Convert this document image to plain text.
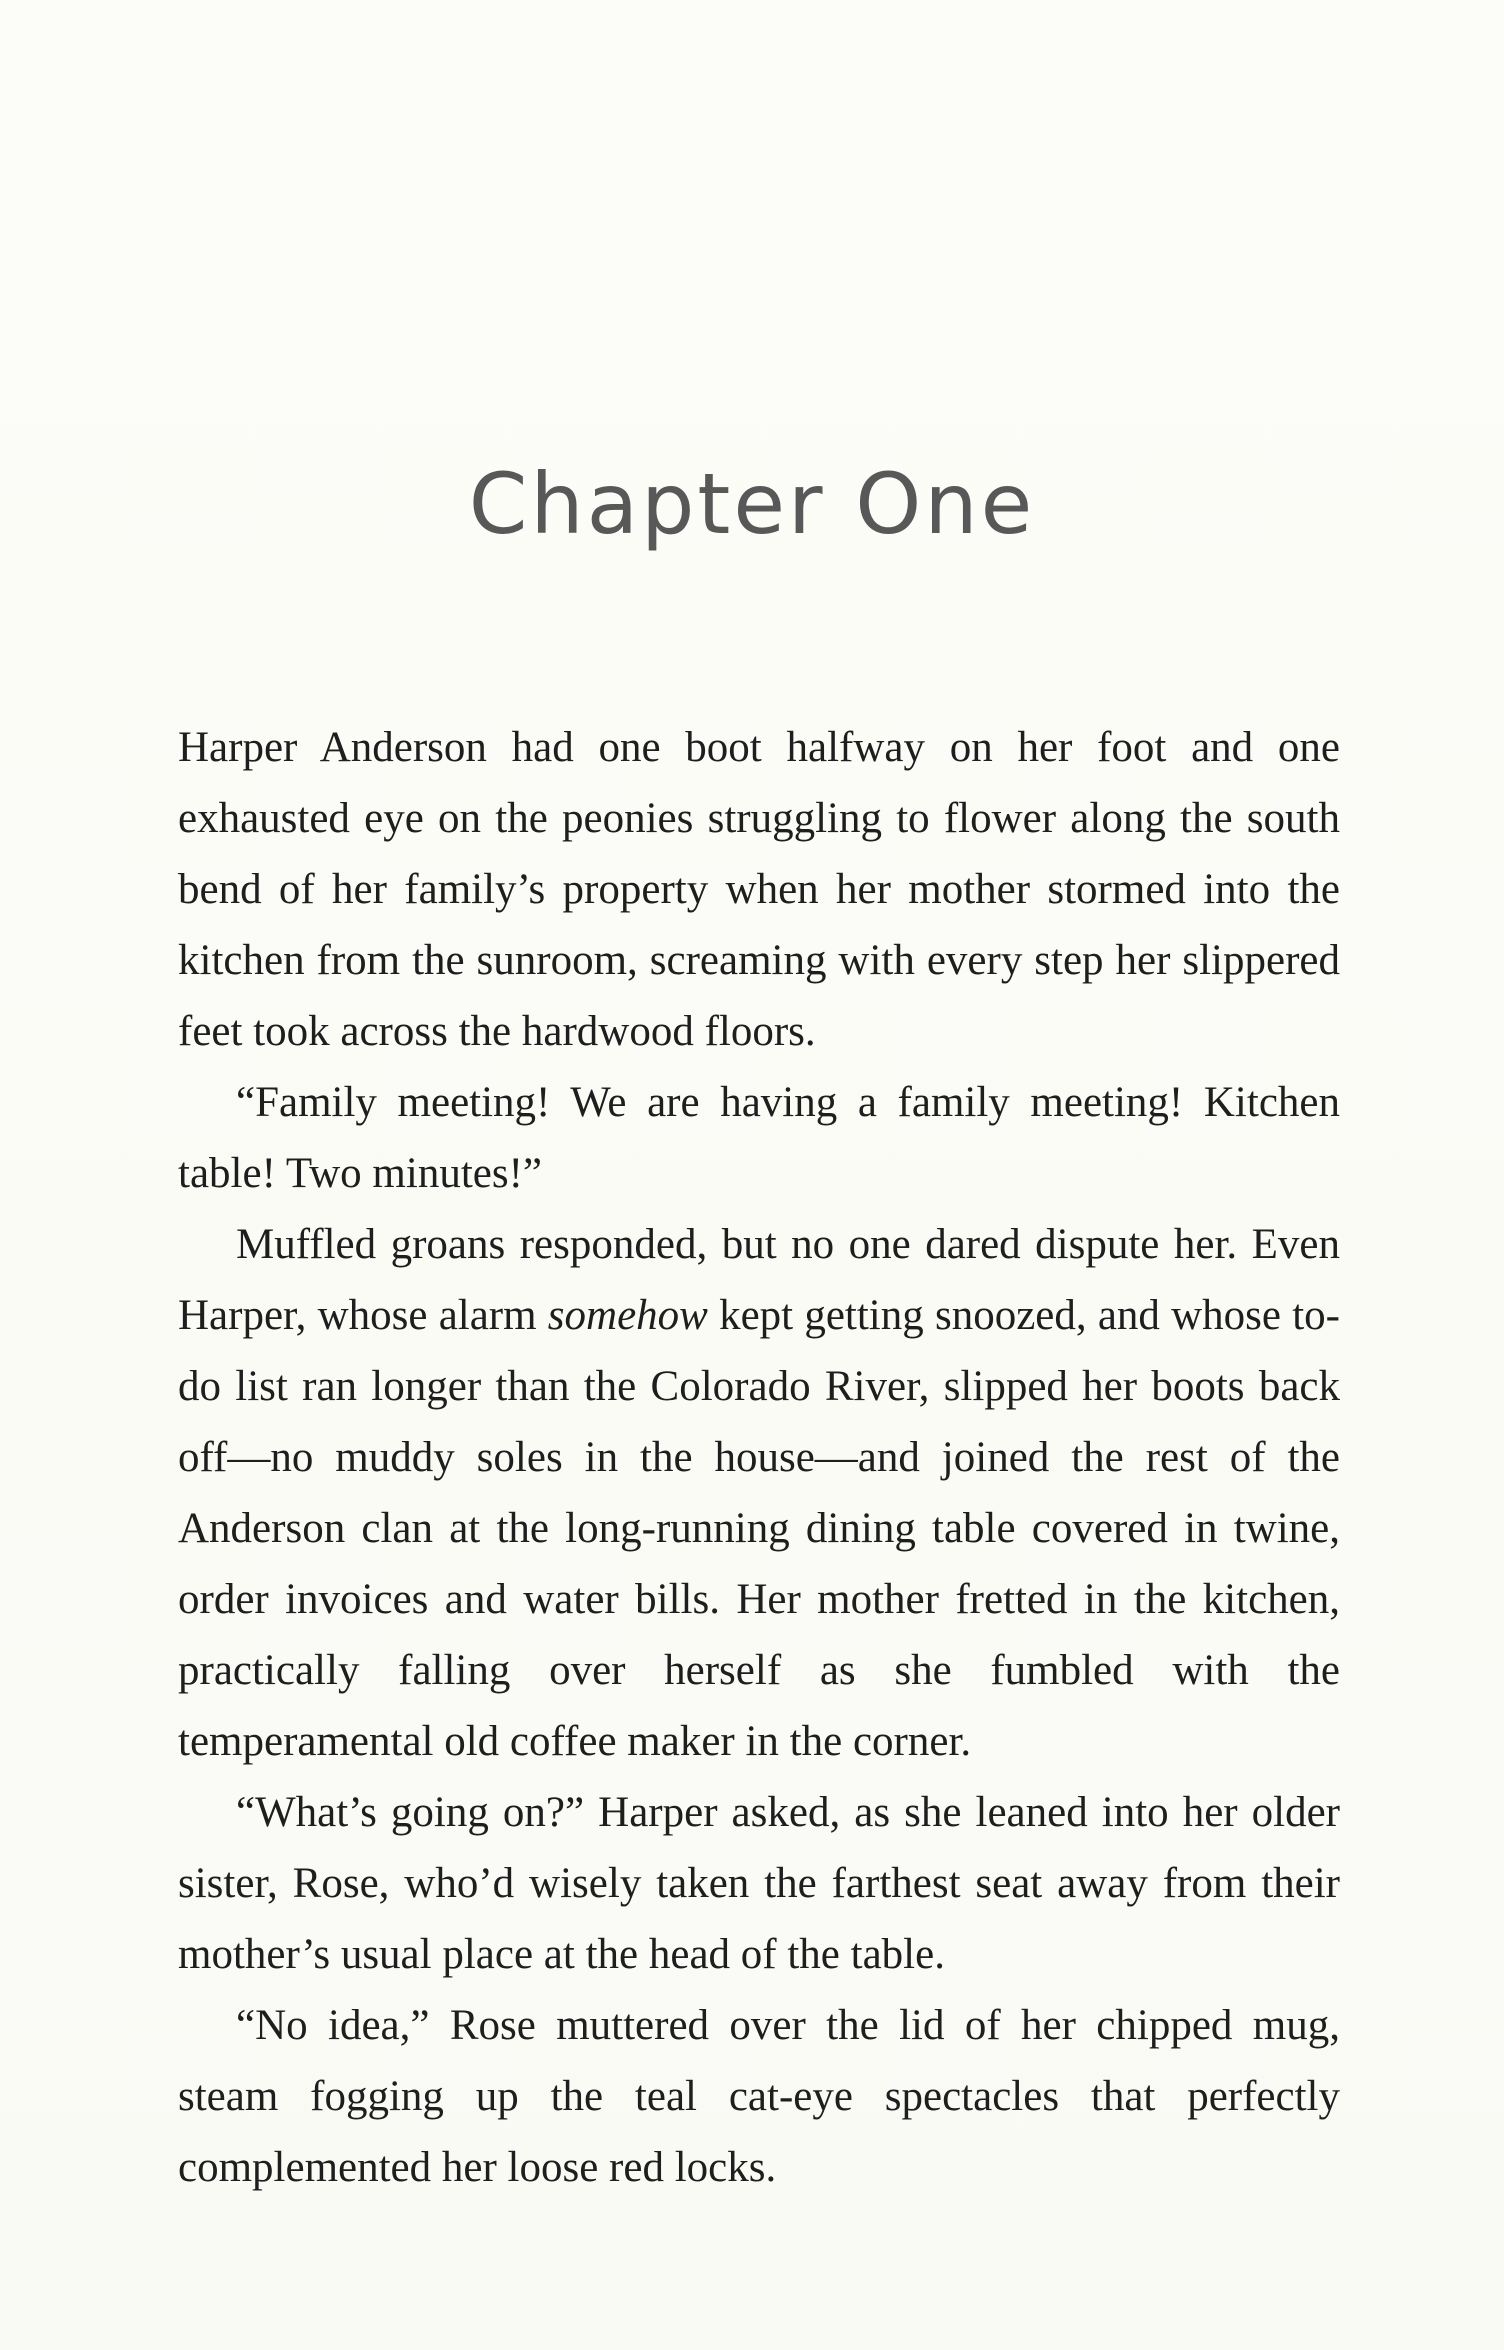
Chapter One

Harper Anderson had one boot halfway on her foot and one exhausted eye on the peonies struggling to flower along the south bend of her family’s property when her mother stormed into the kitchen from the sunroom, screaming with every step her slippered feet took across the hardwood floors.

“Family meeting! We are having a family meeting! Kitchen table! Two minutes!”

Muffled groans responded, but no one dared dispute her. Even Harper, whose alarm somehow kept getting snoozed, and whose to-do list ran longer than the Colorado River, slipped her boots back off—no muddy soles in the house—and joined the rest of the Anderson clan at the long-running dining table covered in twine, order invoices and water bills. Her mother fretted in the kitchen, practically falling over herself as she fumbled with the temperamental old coffee maker in the corner.

“What’s going on?” Harper asked, as she leaned into her older sister, Rose, who’d wisely taken the farthest seat away from their mother’s usual place at the head of the table.

“No idea,” Rose muttered over the lid of her chipped mug, steam fogging up the teal cat-eye spectacles that perfectly complemented her loose red locks.
